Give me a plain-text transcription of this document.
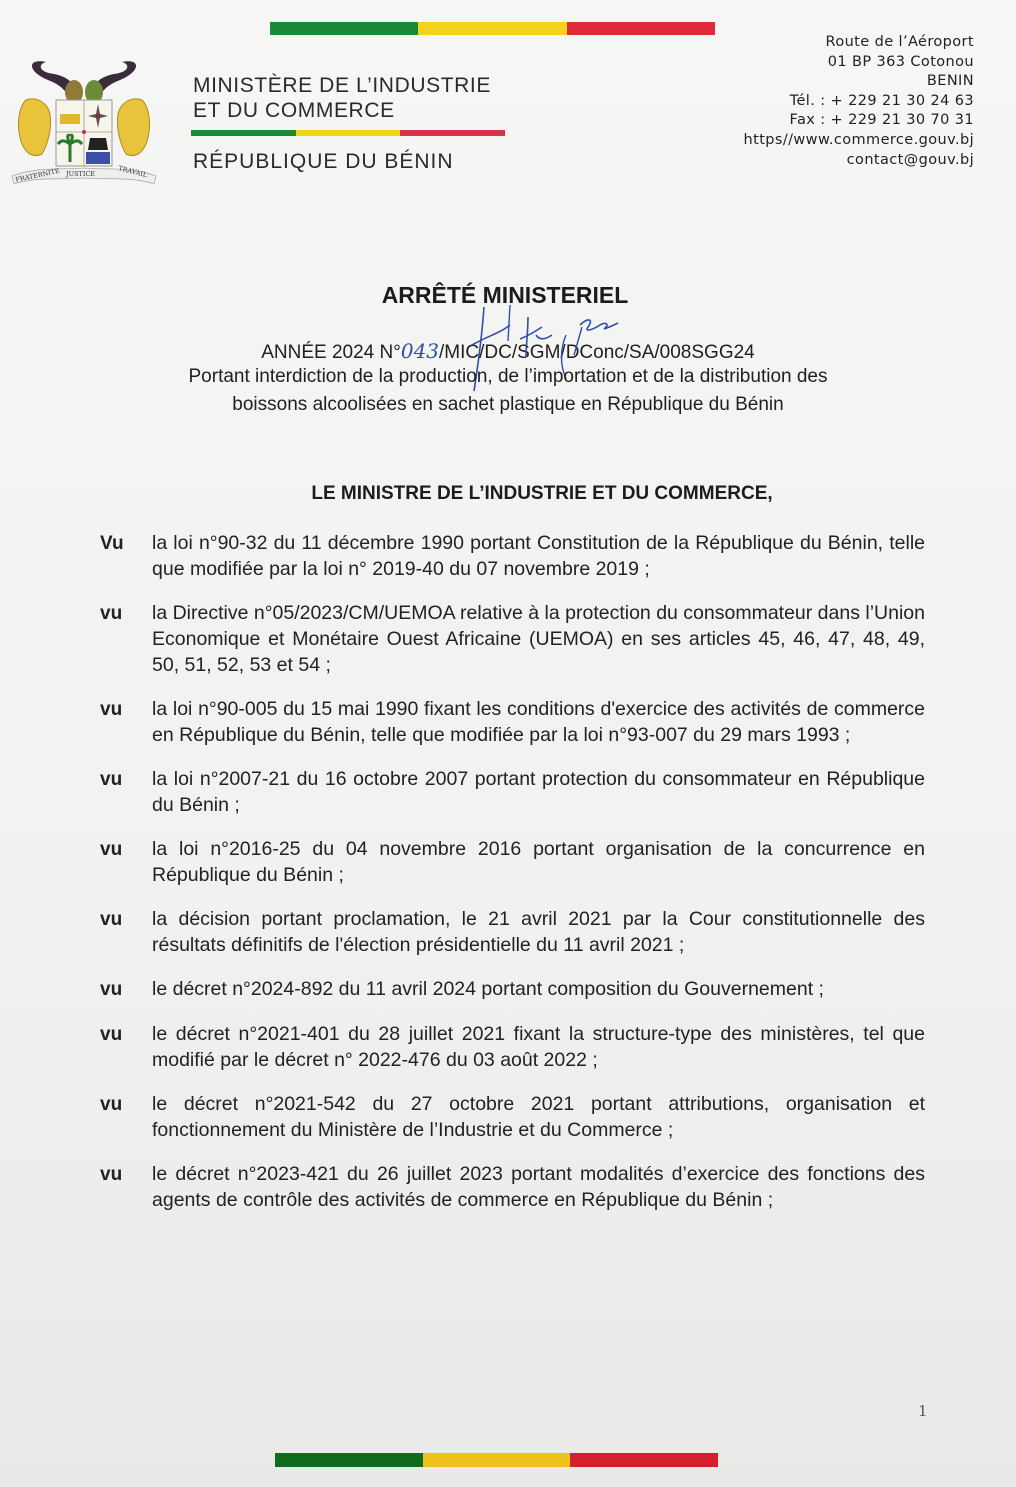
FRATERNITE JUSTICE	TRAVAIL
MINISTÈRE DE L’INDUSTRIE
ET DU COMMERCE
RÉPUBLIQUE DU BÉNIN
Route de l’Aéroport
01 BP 363 Cotonou
BENIN
Tél. : + 229 21 30 24 63
Fax : + 229 21 30 70 31
https//www.commerce.gouv.bj
contact@gouv.bj
ARRÊTÉ MINISTERIEL
ANNÉE 2024 N°043/MIC/DC/SGM/DConc/SA/008SGG24
Portant interdiction de la production, de l’importation et de la distribution des
boissons alcoolisées en sachet plastique en République du Bénin
LE MINISTRE DE L’INDUSTRIE ET DU COMMERCE,
Vu	la loi n°90-32 du 11 décembre 1990 portant Constitution de la République du Bénin, telle que modifiée par la loi n° 2019-40 du 07 novembre 2019 ;
vu	la Directive n°05/2023/CM/UEMOA relative à la protection du consommateur dans l’Union Economique et Monétaire Ouest Africaine (UEMOA) en ses articles 45, 46, 47, 48, 49, 50, 51, 52, 53 et 54 ;
vu	la loi n°90-005 du 15 mai 1990 fixant les conditions d'exercice des activités de commerce en République du Bénin, telle que modifiée par la loi n°93-007 du 29 mars 1993 ;
vu	la loi n°2007-21 du 16 octobre 2007 portant protection du consommateur en République du Bénin ;
vu	la loi n°2016-25 du 04 novembre 2016 portant organisation de la concurrence en République du Bénin ;
vu	la décision portant proclamation, le 21 avril 2021 par la Cour constitutionnelle des résultats définitifs de l'élection présidentielle du 11 avril 2021 ;
vu	le décret n°2024-892 du 11 avril 2024 portant composition du Gouvernement ;
vu	le décret n°2021-401 du 28 juillet 2021 fixant la structure-type des ministères, tel que modifié par le décret n° 2022-476 du 03 août 2022 ;
vu	le décret n°2021-542 du 27 octobre 2021 portant attributions, organisation et fonctionnement du Ministère de l’Industrie et du Commerce ;
vu	le décret n°2023-421 du 26 juillet 2023 portant modalités d’exercice des fonctions des agents de contrôle des activités de commerce en République du Bénin ;
1
